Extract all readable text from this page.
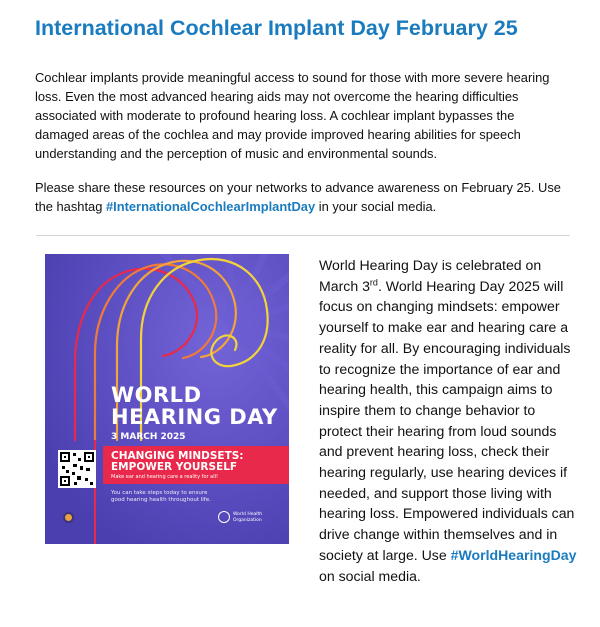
International Cochlear Implant Day February 25

Cochlear implants provide meaningful access to sound for those with more severe hearing loss. Even the most advanced hearing aids may not overcome the hearing difficulties associated with moderate to profound hearing loss. A cochlear implant bypasses the damaged areas of the cochlea and may provide improved hearing abilities for speech understanding and the perception of music and environmental sounds.

Please share these resources on your networks to advance awareness on February 25. Use the hashtag #InternationalCochlearImplantDay in your social media.

WORLD
HEARING DAY
3 MARCH 2025
CHANGING MINDSETS:
EMPOWER YOURSELF
Make ear and hearing care a reality for all!
You can take steps today to ensure
good hearing health throughout life.
World Health
Organization

World Hearing Day is celebrated on March 3rd. World Hearing Day 2025 will focus on changing mindsets: empower yourself to make ear and hearing care a reality for all. By encouraging individuals to recognize the importance of ear and hearing health, this campaign aims to inspire them to change behavior to protect their hearing from loud sounds and prevent hearing loss, check their hearing regularly, use hearing devices if needed, and support those living with hearing loss. Empowered individuals can drive change within themselves and in society at large. Use #WorldHearingDay on social media.
